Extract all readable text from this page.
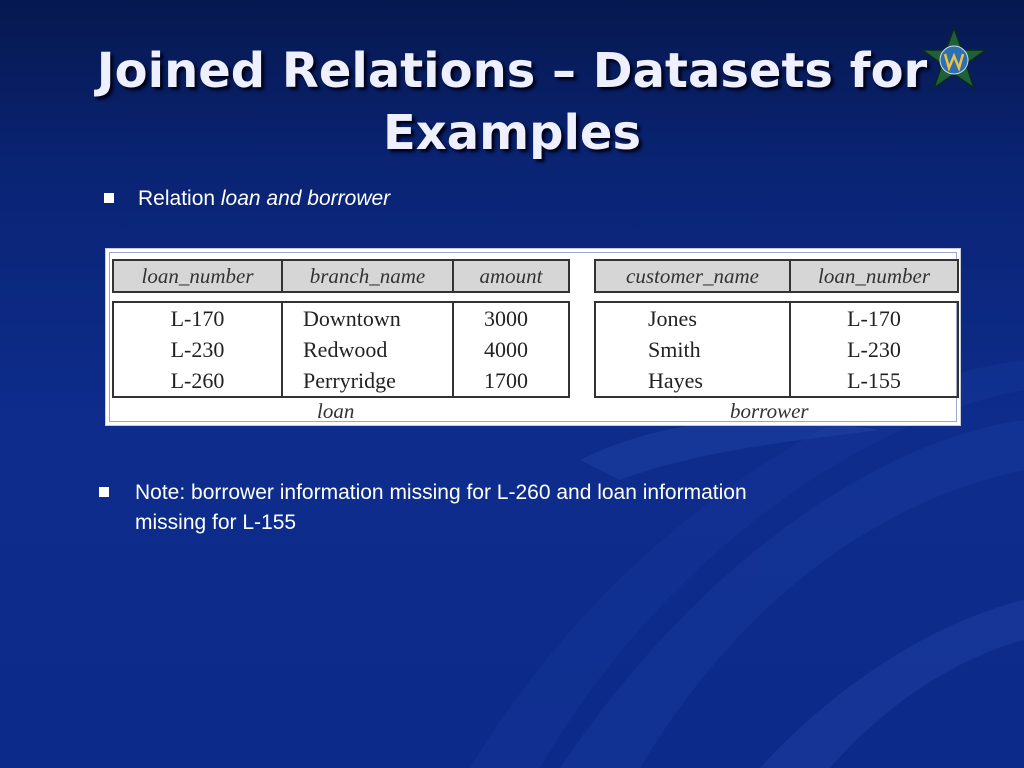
Joined Relations – Datasets for Examples
Relation loan and borrower
loan_number	branch_name	amount

L-170	Downtown	3000
L-230	Redwood	4000
L-260	Perryridge	1700
customer_name	loan_number

Jones	L-170
Smith	L-230
Hayes	L-155
loan	borrower
Note: borrower information missing for L-260 and loan information missing for L-155
